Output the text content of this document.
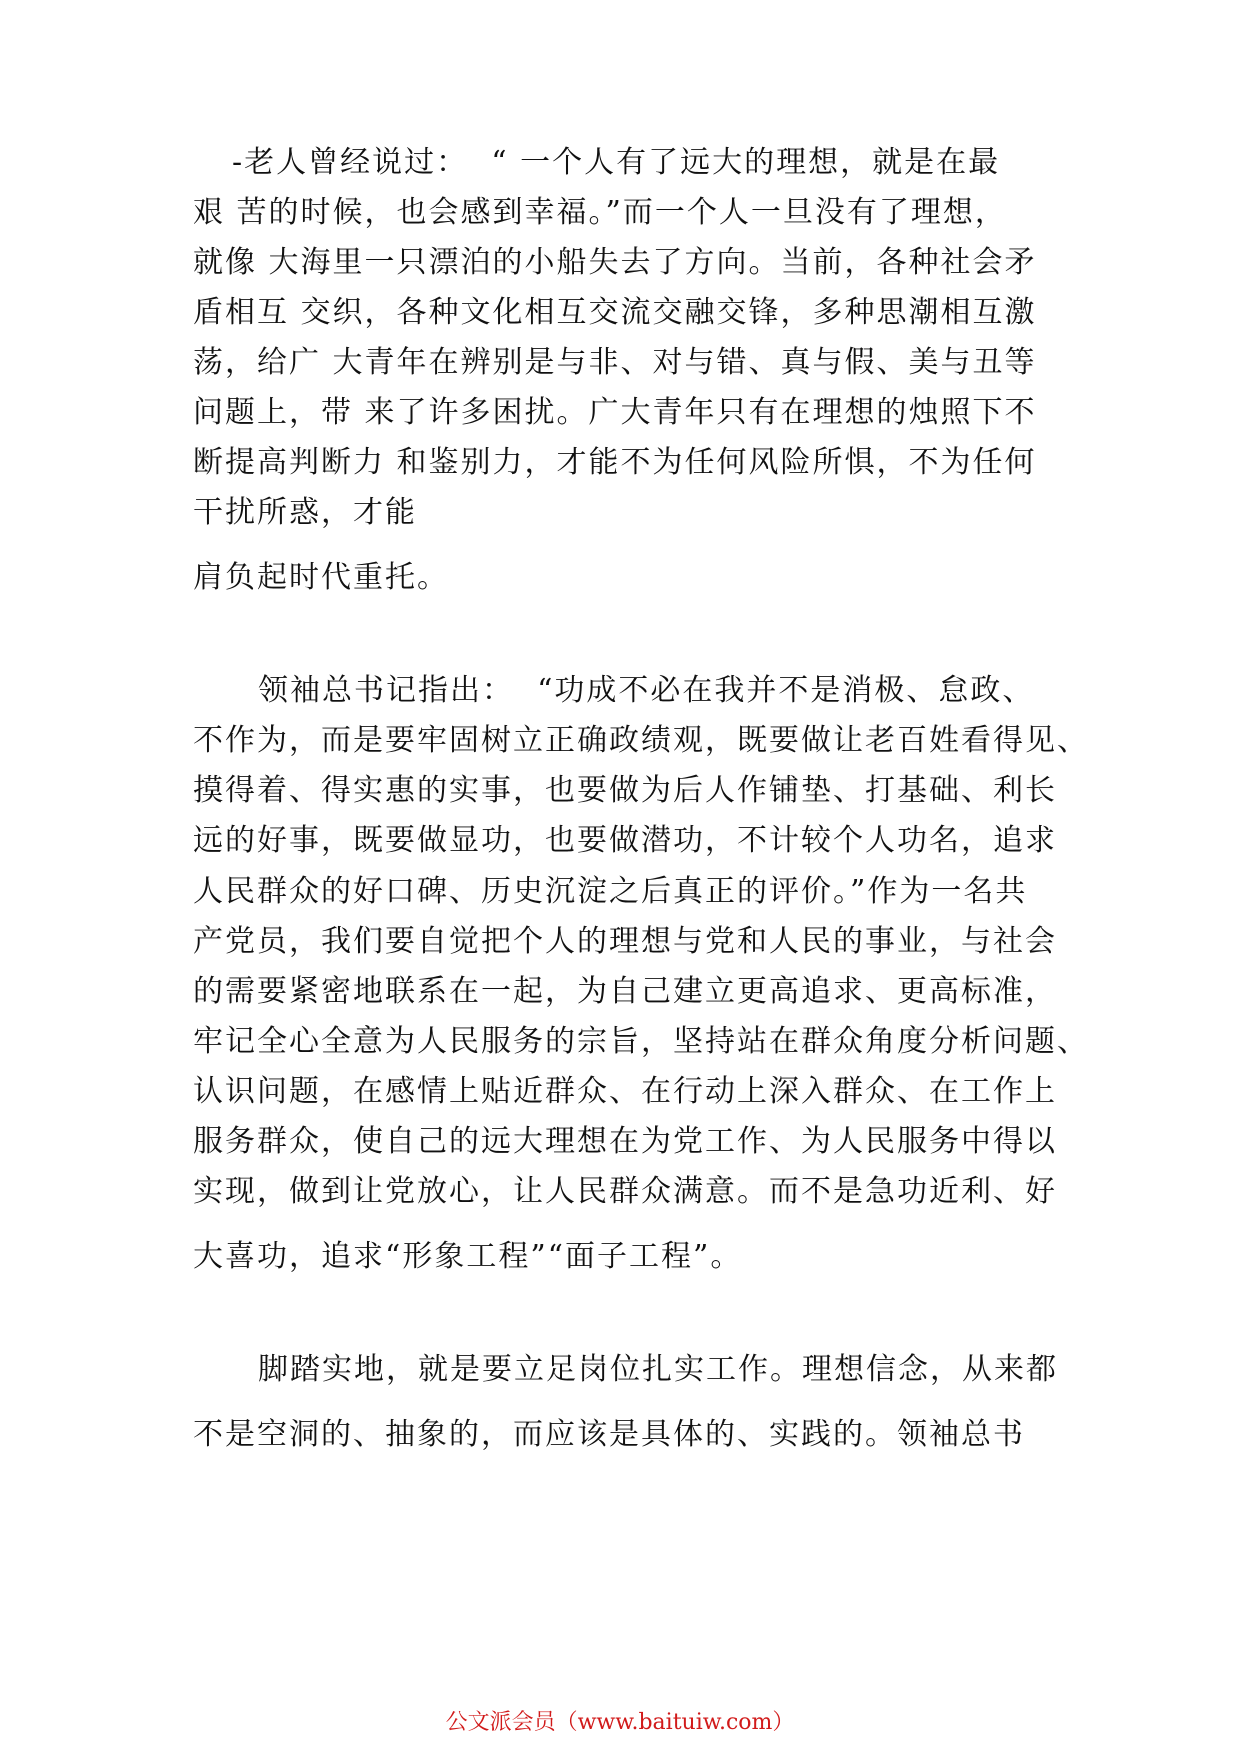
-老人曾经说过：  “ 一个人有了远大的理想，就是在最
艰 苦的时候，也会感到幸福。”而一个人一旦没有了理想，
就像 大海里一只漂泊的小船失去了方向。当前，各种社会矛
盾相互 交织，各种文化相互交流交融交锋，多种思潮相互激
荡，给广 大青年在辨别是与非、对与错、真与假、美与丑等
问题上，带 来了许多困扰。广大青年只有在理想的烛照下不
断提高判断力 和鉴别力，才能不为任何风险所惧，不为任何
干扰所惑，才能
肩负起时代重托。
领袖总书记指出：  “功成不必在我并不是消极、怠政、
不作为，而是要牢固树立正确政绩观，既要做让老百姓看得见、
摸得着、得实惠的实事，也要做为后人作铺垫、打基础、利长
远的好事，既要做显功，也要做潜功，不计较个人功名，追求
人民群众的好口碑、历史沉淀之后真正的评价。”作为一名共
产党员，我们要自觉把个人的理想与党和人民的事业，与社会
的需要紧密地联系在一起，为自己建立更高追求、更高标准，
牢记全心全意为人民服务的宗旨，坚持站在群众角度分析问题、
认识问题，在感情上贴近群众、在行动上深入群众、在工作上
服务群众，使自己的远大理想在为党工作、为人民服务中得以
实现，做到让党放心，让人民群众满意。而不是急功近利、好
大喜功，追求“形象工程”“面子工程”。
脚踏实地，就是要立足岗位扎实工作。理想信念，从来都
不是空洞的、抽象的，而应该是具体的、实践的。领袖总书
公文派会员（www.baituiw.com）
